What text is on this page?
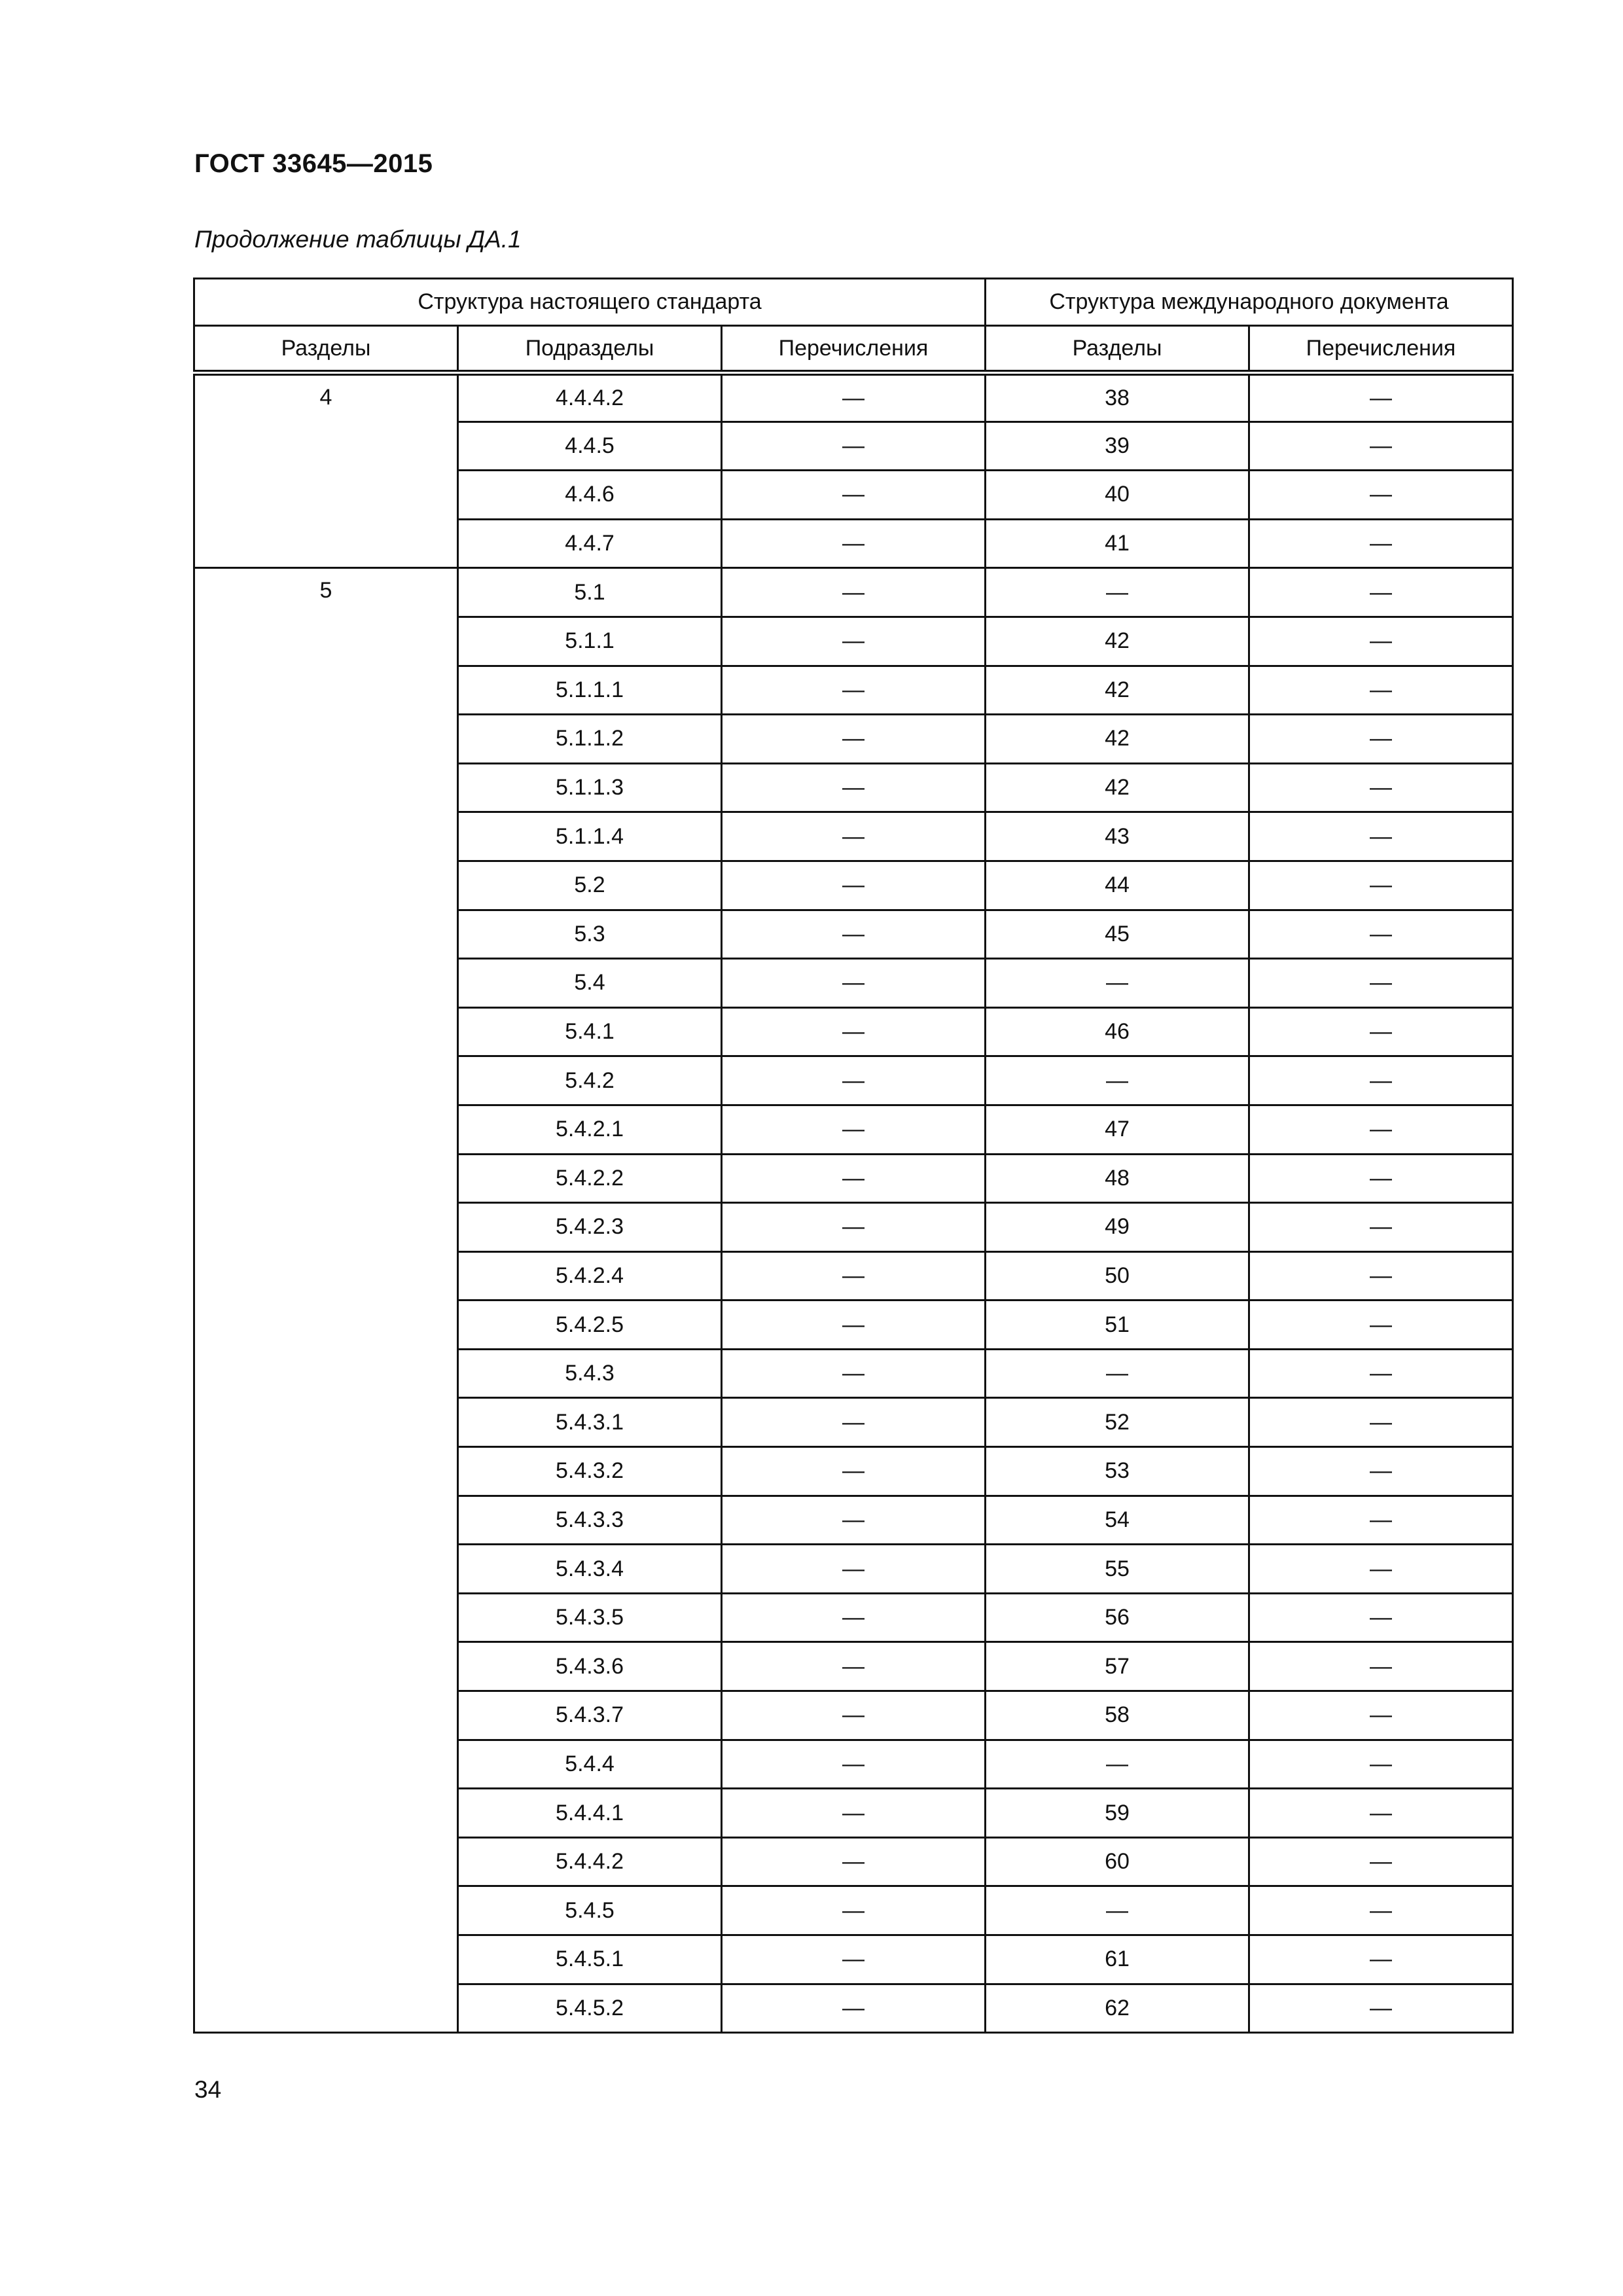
ГОСТ 33645—2015
Продолжение таблицы ДА.1
Структура настоящего стандарта			Структура международного документа	
Разделы	Подразделы	Перечисления	Разделы	Перечисления
4	4.4.4.2	—	38	—
	4.4.5	—	39	—
	4.4.6	—	40	—
	4.4.7	—	41	—
5	5.1	—	—	—
	5.1.1	—	42	—
	5.1.1.1	—	42	—
	5.1.1.2	—	42	—
	5.1.1.3	—	42	—
	5.1.1.4	—	43	—
	5.2	—	44	—
	5.3	—	45	—
	5.4	—	—	—
	5.4.1	—	46	—
	5.4.2	—	—	—
	5.4.2.1	—	47	—
	5.4.2.2	—	48	—
	5.4.2.3	—	49	—
	5.4.2.4	—	50	—
	5.4.2.5	—	51	—
	5.4.3	—	—	—
	5.4.3.1	—	52	—
	5.4.3.2	—	53	—
	5.4.3.3	—	54	—
	5.4.3.4	—	55	—
	5.4.3.5	—	56	—
	5.4.3.6	—	57	—
	5.4.3.7	—	58	—
	5.4.4	—	—	—
	5.4.4.1	—	59	—
	5.4.4.2	—	60	—
	5.4.5	—	—	—
	5.4.5.1	—	61	—
	5.4.5.2	—	62	—
34
